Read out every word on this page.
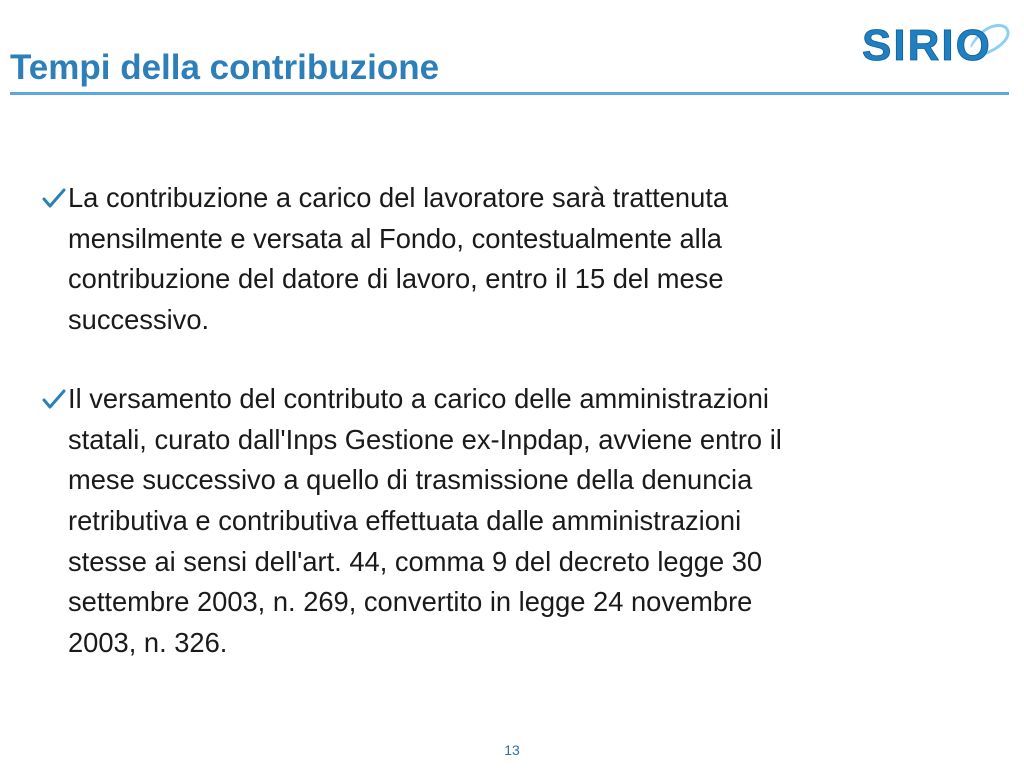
SIRIO
Tempi della contribuzione

La contribuzione a carico del lavoratore sarà trattenuta
mensilmente e versata al Fondo, contestualmente alla
contribuzione del datore di lavoro, entro il 15 del mese
successivo.

Il versamento del contributo a carico delle amministrazioni
statali, curato dall'Inps Gestione ex-Inpdap, avviene entro il
mese successivo a quello di trasmissione della denuncia
retributiva e contributiva effettuata dalle amministrazioni
stesse ai sensi dell'art. 44, comma 9 del decreto legge 30
settembre 2003, n. 269, convertito in legge 24 novembre
2003, n. 326.

13
